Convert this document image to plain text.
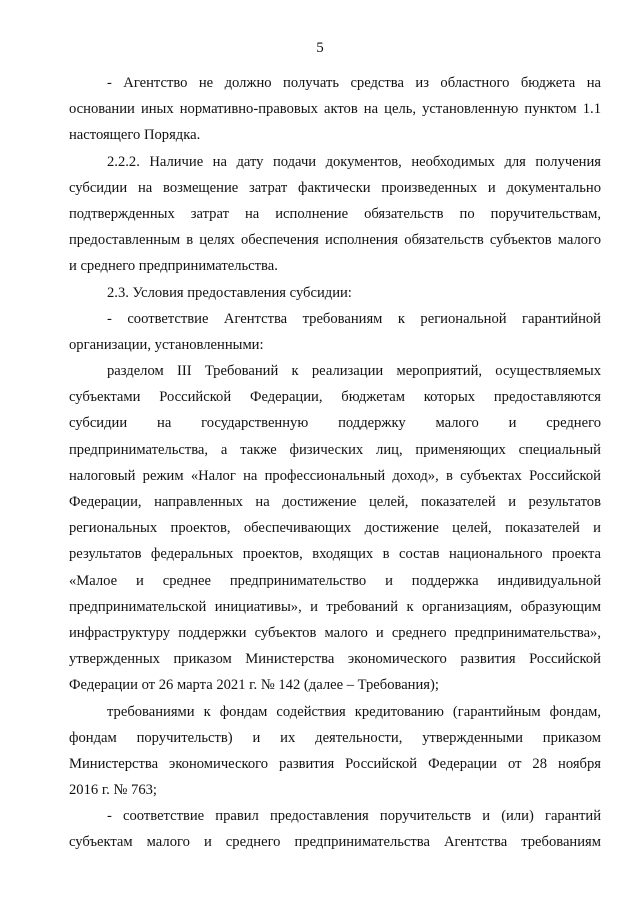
5
- Агентство не должно получать средства из областного бюджета на
основании иных нормативно-правовых актов на цель, установленную пунктом 1.1
настоящего Порядка.
2.2.2. Наличие на дату подачи документов, необходимых для получения
субсидии на возмещение затрат фактически произведенных и документально
подтвержденных затрат на исполнение обязательств по поручительствам,
предоставленным в целях обеспечения исполнения обязательств субъектов малого
и среднего предпринимательства.
2.3. Условия предоставления субсидии:
- соответствие Агентства требованиям к региональной гарантийной
организации, установленными:
разделом III Требований к реализации мероприятий, осуществляемых
субъектами Российской Федерации, бюджетам которых предоставляются
субсидии на государственную поддержку малого и среднего
предпринимательства, а также физических лиц, применяющих специальный
налоговый режим «Налог на профессиональный доход», в субъектах Российской
Федерации, направленных на достижение целей, показателей и результатов
региональных проектов, обеспечивающих достижение целей, показателей и
результатов федеральных проектов, входящих в состав национального проекта
«Малое и среднее предпринимательство и поддержка индивидуальной
предпринимательской инициативы», и требований к организациям, образующим
инфраструктуру поддержки субъектов малого и среднего предпринимательства»,
утвержденных приказом Министерства экономического развития Российской
Федерации от 26 марта 2021 г. № 142 (далее – Требования);
требованиями к фондам содействия кредитованию (гарантийным фондам,
фондам поручительств) и их деятельности, утвержденными приказом
Министерства экономического развития Российской Федерации от 28 ноября
2016 г. № 763;
- соответствие правил предоставления поручительств и (или) гарантий
субъектам малого и среднего предпринимательства Агентства требованиям
